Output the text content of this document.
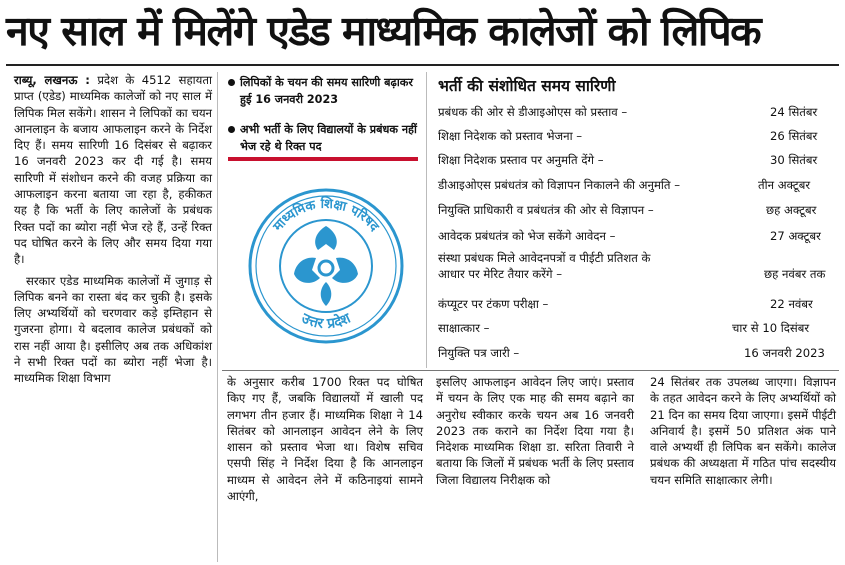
नए साल में मिलेंगे एडेड माध्यमिक कालेजों को लिपिक

राब्यू, लखनऊ : प्रदेश के 4512 सहायता प्राप्त (एडेड) माध्यमिक कालेजों को नए साल में लिपिक मिल सकेंगे। शासन ने लिपिकों का चयन आनलाइन के बजाय आफलाइन करने के निर्देश दिए हैं। समय सारिणी 16 दिसंबर से बढ़ाकर 16 जनवरी 2023 कर दी गई है। समय सारिणी में संशोधन करने की वजह प्रक्रिया का आफलाइन करना बताया जा रहा है, हकीकत यह है कि भर्ती के लिए कालेजों के प्रबंधक रिक्त पदों का ब्योरा नहीं भेज रहे हैं, उन्हें रिक्त पद घोषित करने के लिए और समय दिया गया है।

सरकार एडेड माध्यमिक कालेजों में जुगाड़ से लिपिक बनने का रास्ता बंद कर चुकी है। इसके लिए अभ्यर्थियों को चरणवार कड़े इम्तिहान से गुजरना होगा। ये बदलाव कालेज प्रबंधकों को रास नहीं आया है। इसीलिए अब तक अधिकांश ने सभी रिक्त पदों का ब्योरा नहीं भेजा है। माध्यमिक शिक्षा विभाग

लिपिकों के चयन की समय सारिणी बढ़ाकर हुई 16 जनवरी 2023
अभी भर्ती के लिए विद्यालयों के प्रबंधक नहीं भेज रहे थे रिक्त पद
माध्यमिक शिक्षा परिषद
उत्तर प्रदेश
भर्ती की संशोधित समय सारिणी
प्रबंधक की ओर से डीआइओएस को प्रस्ताव –	24 सितंबर
शिक्षा निदेशक को प्रस्ताव भेजना –	26 सितंबर
शिक्षा निदेशक प्रस्ताव पर अनुमति देंगे –	30 सितंबर
डीआइओएस प्रबंधतंत्र को विज्ञापन निकालने की अनुमति –	तीन अक्टूबर
नियुक्ति प्राधिकारी व प्रबंधतंत्र की ओर से विज्ञापन –	छह अक्टूबर
आवेदक प्रबंधतंत्र को भेज सकेंगे आवेदन –	27 अक्टूबर
संस्था प्रबंधक मिले आवेदनपत्रों व पीईटी प्रतिशत के
आधार पर मेरिट तैयार करेंगे –	छह नवंबर तक
कंप्यूटर पर टंकण परीक्षा –	22 नवंबर
साक्षात्कार –	चार से 10 दिसंबर
नियुक्ति पत्र जारी –	16 जनवरी 2023
के अनुसार करीब 1700 रिक्त पद घोषित किए गए हैं, जबकि विद्यालयों में खाली पद लगभग तीन हजार हैं। माध्यमिक शिक्षा ने 14 सितंबर को आनलाइन आवेदन लेने के लिए शासन को प्रस्ताव भेजा था। विशेष सचिव एसपी सिंह ने निर्देश दिया है कि आनलाइन माध्यम से आवेदन लेने में कठिनाइयां सामने आएंगी,
इसलिए आफलाइन आवेदन लिए जाएं। प्रस्ताव में चयन के लिए एक माह की समय बढ़ाने का अनुरोध स्वीकार करके चयन अब 16 जनवरी 2023 तक कराने का निर्देश दिया गया है। निदेशक माध्यमिक शिक्षा डा. सरिता तिवारी ने बताया कि जिलों में प्रबंधक भर्ती के लिए प्रस्ताव जिला विद्यालय निरीक्षक को
24 सितंबर तक उपलब्ध जाएगा। विज्ञापन के तहत आवेदन करने के लिए अभ्यर्थियों को 21 दिन का समय दिया जाएगा। इसमें पीईटी अनिवार्य है। इसमें 50 प्रतिशत अंक पाने वाले अभ्यर्थी ही लिपिक बन सकेंगे। कालेज प्रबंधक की अध्यक्षता में गठित पांच सदस्यीय चयन समिति साक्षात्कार लेगी।
